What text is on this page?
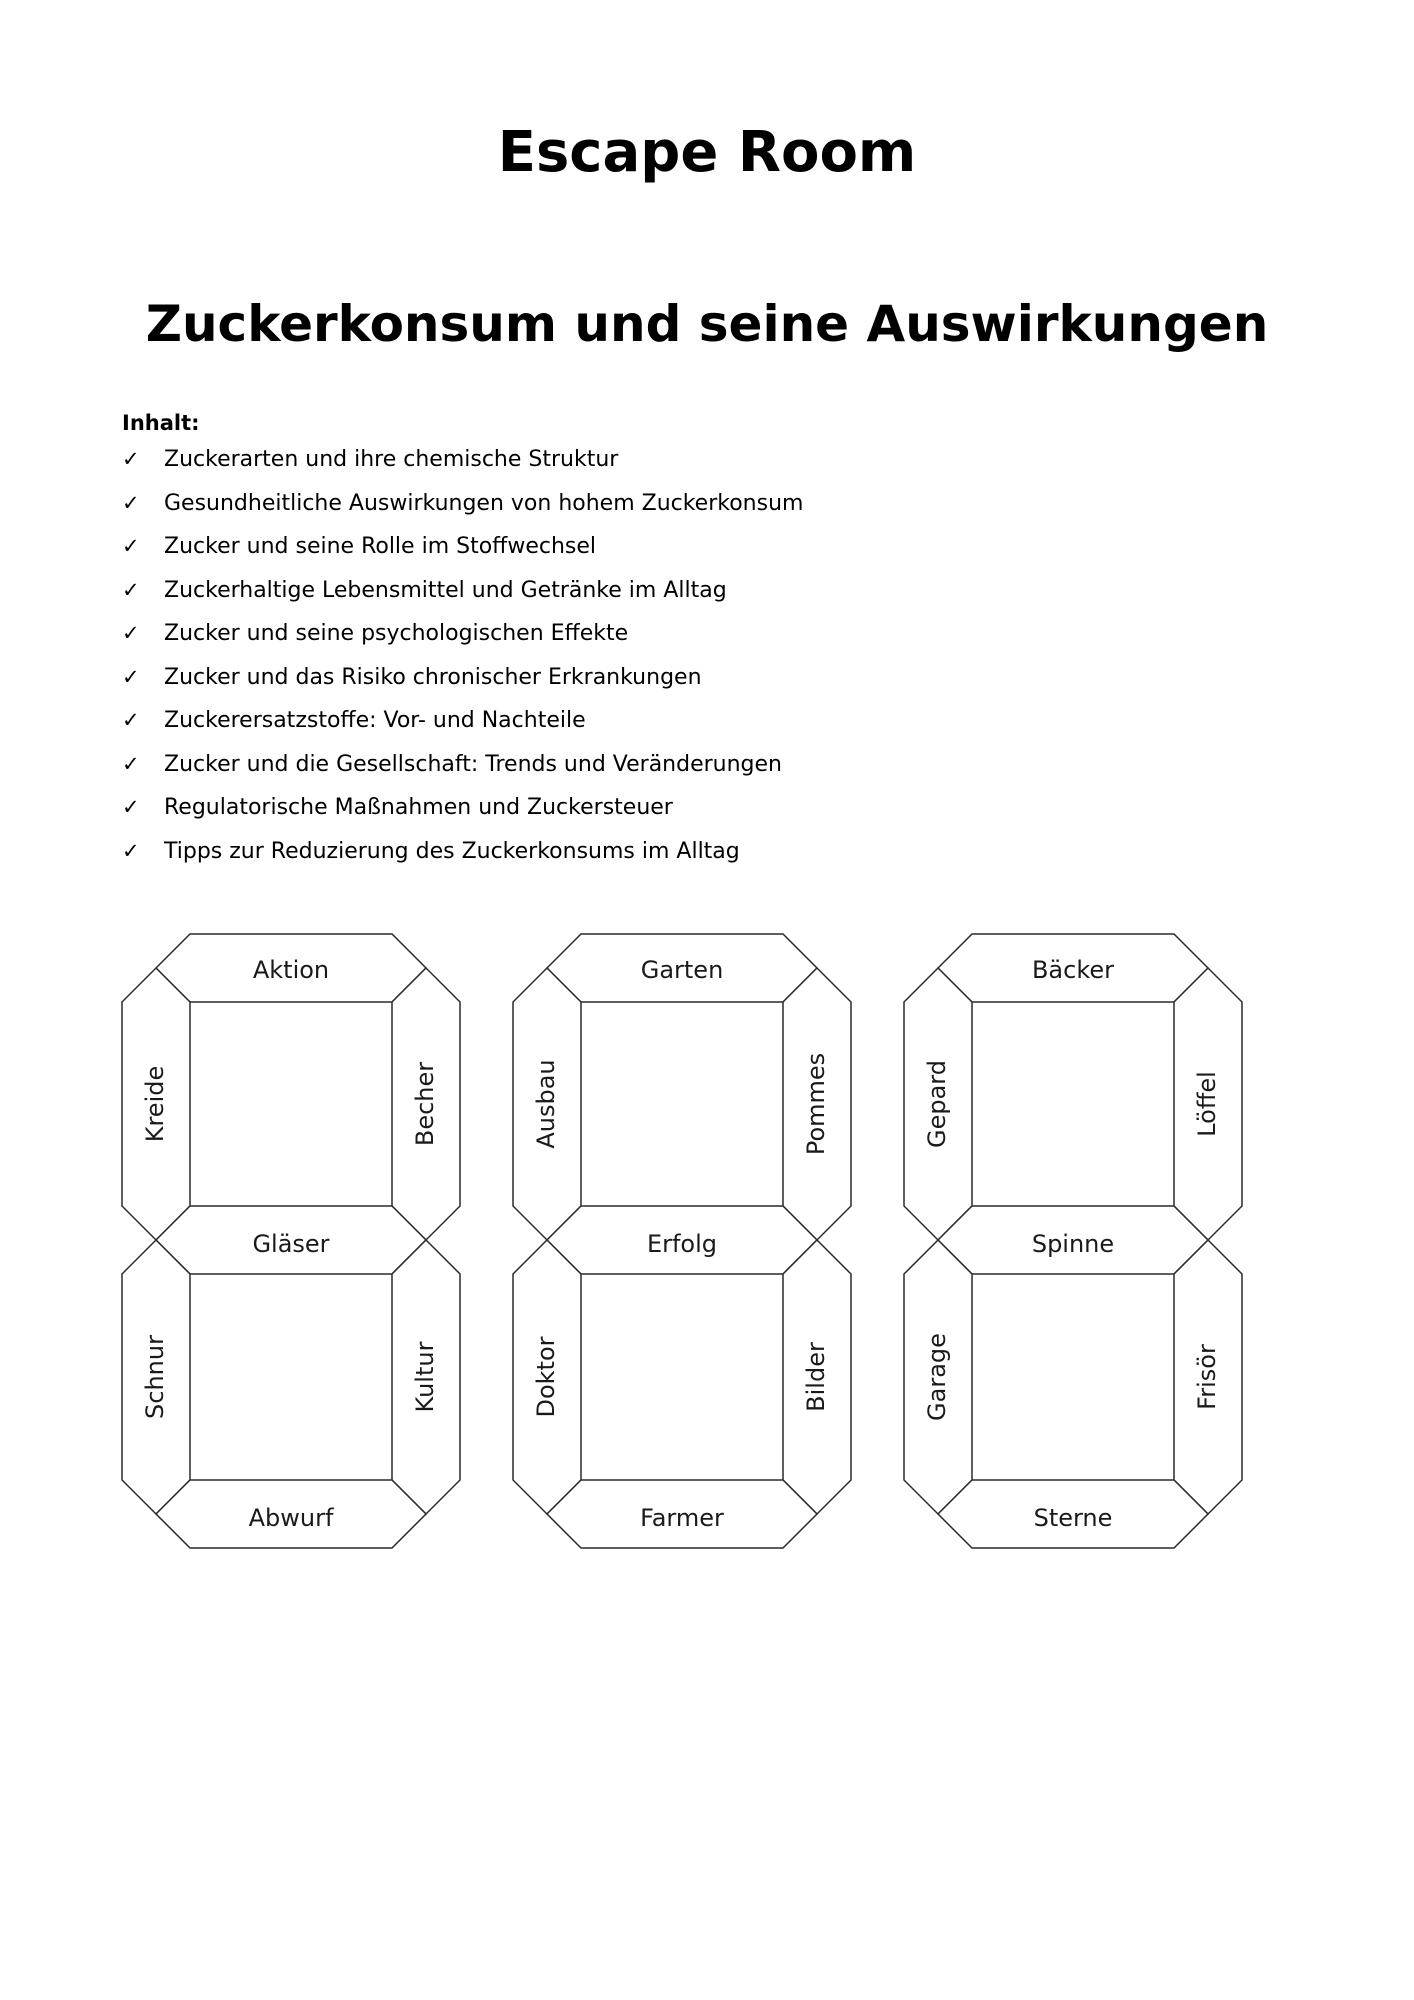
Escape Room
Zuckerkonsum und seine Auswirkungen

Inhalt:

✓ Zuckerarten und ihre chemische Struktur
✓ Gesundheitliche Auswirkungen von hohem Zuckerkonsum
✓ Zucker und seine Rolle im Stoffwechsel
✓ Zuckerhaltige Lebensmittel und Getränke im Alltag
✓ Zucker und seine psychologischen Effekte
✓ Zucker und das Risiko chronischer Erkrankungen
✓ Zuckerersatzstoffe: Vor- und Nachteile
✓ Zucker und die Gesellschaft: Trends und Veränderungen
✓ Regulatorische Maßnahmen und Zuckersteuer
✓ Tipps zur Reduzierung des Zuckerkonsums im Alltag
Aktion
Kreide	Becher
Gläser
Schnur	Kultur
Abwurf
Garten
Ausbau	Pommes
Erfolg
Doktor	Bilder
Farmer
Bäcker
Gepard	Löffel
Spinne
Garage	Frisör
Sterne
